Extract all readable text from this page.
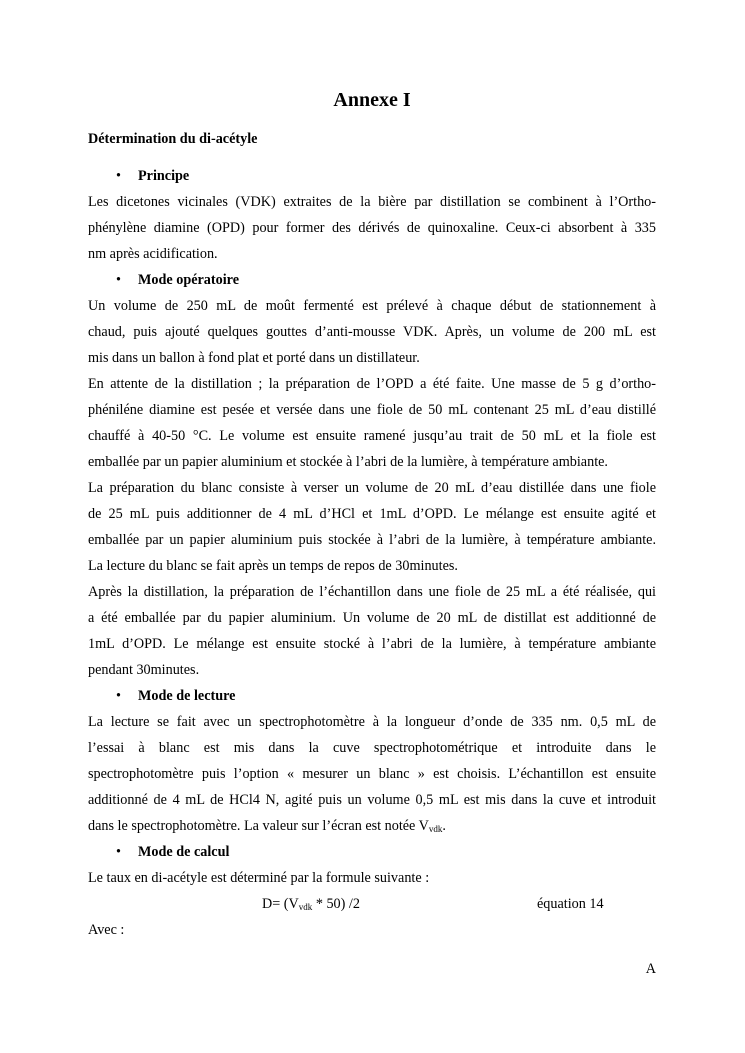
Annexe I
Détermination du di-acétyle
• Principe
Les dicetones vicinales (VDK) extraites de la bière par distillation se combinent à l’Ortho-
phénylène diamine (OPD) pour former des dérivés de quinoxaline. Ceux-ci absorbent à 335
nm après acidification.
• Mode opératoire
Un volume de 250 mL de moût fermenté est prélevé à chaque début de stationnement à
chaud, puis ajouté quelques gouttes d’anti-mousse VDK. Après, un volume de 200 mL est
mis dans un ballon à fond plat et porté dans un distillateur.
En attente de la distillation ; la préparation de l’OPD a été faite. Une masse de 5 g d’ortho-
phéniléne diamine est pesée et versée dans une fiole de 50 mL contenant 25 mL d’eau distillé
chauffé à 40-50 °C. Le volume est ensuite ramené jusqu’au trait de 50 mL et la fiole est
emballée par un papier aluminium et stockée à l’abri de la lumière, à température ambiante.
La préparation du blanc consiste à verser un volume de 20 mL d’eau distillée dans une fiole
de 25 mL puis additionner de 4 mL d’HCl et 1mL d’OPD. Le mélange est ensuite agité et
emballée par un papier aluminium puis stockée à l’abri de la lumière, à température ambiante.
La lecture du blanc se fait après un temps de repos de 30minutes.
Après la distillation, la préparation de l’échantillon dans une fiole de 25 mL a été réalisée, qui
a été emballée par du papier aluminium. Un volume de 20 mL de distillat est additionné de
1mL d’OPD. Le mélange est ensuite stocké à l’abri de la lumière, à température ambiante
pendant 30minutes.
• Mode de lecture
La lecture se fait avec un spectrophotomètre à la longueur d’onde de 335 nm. 0,5 mL de
l’essai à blanc est mis dans la cuve spectrophotométrique et introduite dans le
spectrophotomètre puis l’option « mesurer un blanc » est choisis. L’échantillon est ensuite
additionné de 4 mL de HCl4 N, agité puis un volume 0,5 mL est mis dans la cuve et introduit
dans le spectrophotomètre. La valeur sur l’écran est notée $V_{vdk}$.
• Mode de calcul
Le taux en di-acétyle est déterminé par la formule suivante :
$D= (V_{vdk} * 50)$ /2	équation 14
Avec :
A
